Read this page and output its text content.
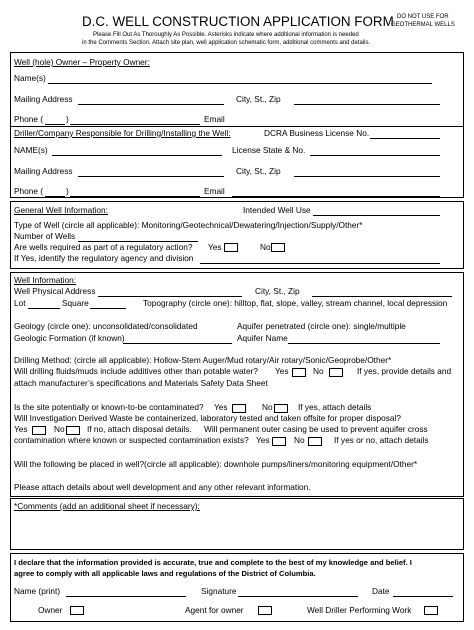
D.C. WELL CONSTRUCTION APPLICATION FORM DO NOT USE FOR
GEOTHERMAL WELLS
Please Fill Out As Thoroughly As Possible. Asterisks indicate where additional information is needed
in the Comments Section. Attach site plan, well application schematic form, additional comments and details.
Well (hole) Owner – Property Owner:
Name(s)
Mailing Address	City, St., Zip
Phone (	)	Email
Driller/Company Responsible for Drilling/Installing the Well:	DCRA Business License No.
NAME(s)	License State & No.
Mailing Address	City, St., Zip
Phone (	)	Email
General Well Information:	Intended Well Use
Type of Well (circle all applicable): Monitoring/Geotechnical/Dewatering/Injection/Supply/Other*
Number of Wells
Are wells required as part of a regulatory action? Yes	No
If Yes, identify the regulatory agency and division
Well Information:
Well Physical Address	City, St., Zip
Lot	Square	Topography (circle one): hilltop, flat, slope, valley, stream channel, local depression
Geology (circle one): unconsolidated/consolidated	Aquifer penetrated (circle one): single/multiple
Geologic Formation (if known)	Aquifer Name
Drilling Method: (circle all applicable): Hollow-Stem Auger/Mud rotary/Air rotary/Sonic/Geoprobe/Other*
Will drilling fluids/muds include additives other than potable water? Yes	No	If yes, provide details and
attach manufacturer’s specifications and Materials Safety Data Sheet
Is the site potentially or known-to-be contaminated? Yes	No	If yes, attach details
Will Investigation Derived Waste be containerized, laboratory tested and taken offsite for proper disposal?
Yes	No	If no, attach disposal details. Will permanent outer casing be used to prevent aquifer cross
contamination where known or suspected contamination exists? Yes	No	If yes or no, attach details
Will the following be placed in well?(circle all applicable): downhole pumps/liners/monitoring equipment/Other*
Please attach details about well development and any other relevant information.
*Comments (add an additional sheet if necessary):
I declare that the information provided is accurate, true and complete to the best of my knowledge and belief. I
agree to comply with all applicable laws and regulations of the District of Columbia.
Name (print)	Signature	Date
Owner	Agent for owner	Well Driller Performing Work
